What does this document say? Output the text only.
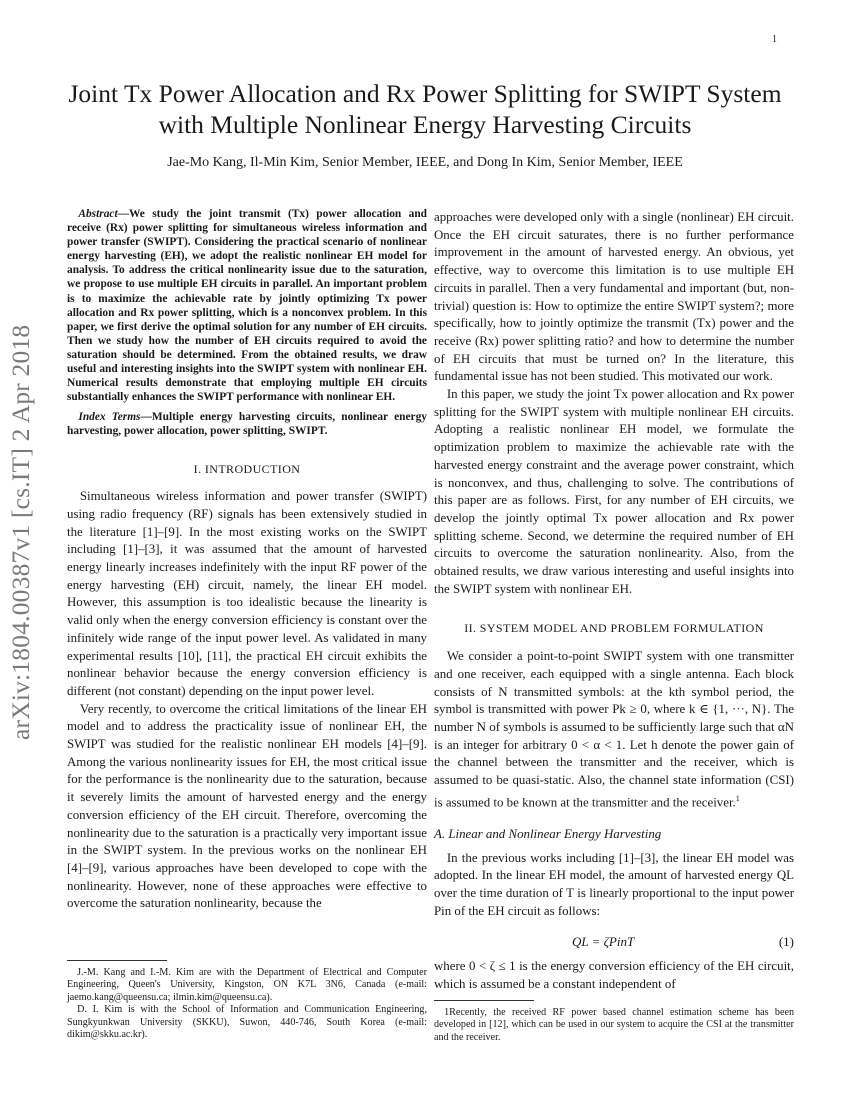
1
arXiv:1804.00387v1 [cs.IT] 2 Apr 2018
Joint Tx Power Allocation and Rx Power Splitting for SWIPT System with Multiple Nonlinear Energy Harvesting Circuits
Jae-Mo Kang, Il-Min Kim, Senior Member, IEEE, and Dong In Kim, Senior Member, IEEE

Abstract—We study the joint transmit (Tx) power allocation and receive (Rx) power splitting for simultaneous wireless information and power transfer (SWIPT). Considering the practical scenario of nonlinear energy harvesting (EH), we adopt the realistic nonlinear EH model for analysis. To address the critical nonlinearity issue due to the saturation, we propose to use multiple EH circuits in parallel. An important problem is to maximize the achievable rate by jointly optimizing Tx power allocation and Rx power splitting, which is a nonconvex problem. In this paper, we first derive the optimal solution for any number of EH circuits. Then we study how the number of EH circuits required to avoid the saturation should be determined. From the obtained results, we draw useful and interesting insights into the SWIPT system with nonlinear EH. Numerical results demonstrate that employing multiple EH circuits substantially enhances the SWIPT performance with nonlinear EH.

Index Terms—Multiple energy harvesting circuits, nonlinear energy harvesting, power allocation, power splitting, SWIPT.

I. INTRODUCTION

Simultaneous wireless information and power transfer (SWIPT) using radio frequency (RF) signals has been extensively studied in the literature [1]–[9]. In the most existing works on the SWIPT including [1]–[3], it was assumed that the amount of harvested energy linearly increases indefinitely with the input RF power of the energy harvesting (EH) circuit, namely, the linear EH model. However, this assumption is too idealistic because the linearity is valid only when the energy conversion efficiency is constant over the infinitely wide range of the input power level. As validated in many experimental results [10], [11], the practical EH circuit exhibits the nonlinear behavior because the energy conversion efficiency is different (not constant) depending on the input power level.

Very recently, to overcome the critical limitations of the linear EH model and to address the practicality issue of nonlinear EH, the SWIPT was studied for the realistic nonlinear EH models [4]–[9]. Among the various nonlinearity issues for EH, the most critical issue for the performance is the nonlinearity due to the saturation, because it severely limits the amount of harvested energy and the energy conversion efficiency of the EH circuit. Therefore, overcoming the nonlinearity due to the saturation is a practically very important issue in the SWIPT system. In the previous works on the nonlinear EH [4]–[9], various approaches have been developed to cope with the nonlinearity. However, none of these approaches were effective to overcome the saturation nonlinearity, because the

J.-M. Kang and I.-M. Kim are with the Department of Electrical and Computer Engineering, Queen's University, Kingston, ON K7L 3N6, Canada (e-mail: jaemo.kang@queensu.ca; ilmin.kim@queensu.ca).

D. I. Kim is with the School of Information and Communication Engineering, Sungkyunkwan University (SKKU), Suwon, 440-746, South Korea (e-mail: dikim@skku.ac.kr).

approaches were developed only with a single (nonlinear) EH circuit. Once the EH circuit saturates, there is no further performance improvement in the amount of harvested energy. An obvious, yet effective, way to overcome this limitation is to use multiple EH circuits in parallel. Then a very fundamental and important (but, non-trivial) question is: How to optimize the entire SWIPT system?; more specifically, how to jointly optimize the transmit (Tx) power and the receive (Rx) power splitting ratio? and how to determine the number of EH circuits that must be turned on? In the literature, this fundamental issue has not been studied. This motivated our work.

In this paper, we study the joint Tx power allocation and Rx power splitting for the SWIPT system with multiple nonlinear EH circuits. Adopting a realistic nonlinear EH model, we formulate the optimization problem to maximize the achievable rate with the harvested energy constraint and the average power constraint, which is nonconvex, and thus, challenging to solve. The contributions of this paper are as follows. First, for any number of EH circuits, we develop the jointly optimal Tx power allocation and Rx power splitting scheme. Second, we determine the required number of EH circuits to overcome the saturation nonlinearity. Also, from the obtained results, we draw various interesting and useful insights into the SWIPT system with nonlinear EH.

II. SYSTEM MODEL AND PROBLEM FORMULATION

We consider a point-to-point SWIPT system with one transmitter and one receiver, each equipped with a single antenna. Each block consists of N transmitted symbols: at the kth symbol period, the symbol is transmitted with power Pk ≥ 0, where k ∈ {1, ···, N}. The number N of symbols is assumed to be sufficiently large such that αN is an integer for arbitrary 0 < α < 1. Let h denote the power gain of the channel between the transmitter and the receiver, which is assumed to be quasi-static. Also, the channel state information (CSI) is assumed to be known at the transmitter and the receiver.$^1$

A. Linear and Nonlinear Energy Harvesting

In the previous works including [1]–[3], the linear EH model was adopted. In the linear EH model, the amount of harvested energy QL over the time duration of T is linearly proportional to the input power Pin of the EH circuit as follows:

QL = ζPinT	(1)

where 0 < ζ ≤ 1 is the energy conversion efficiency of the EH circuit, which is assumed be a constant independent of

1Recently, the received RF power based channel estimation scheme has been developed in [12], which can be used in our system to acquire the CSI at the transmitter and the receiver.
